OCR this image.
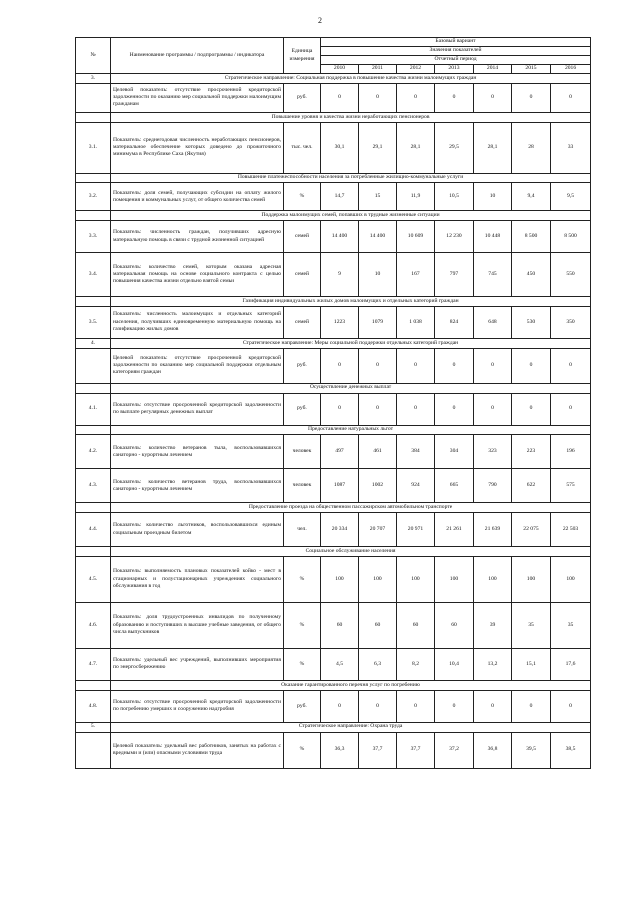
2
№	Наименование программы / подпрограммы / индикатора	Единица измерения	Базовый вариант						
			Значения показателей						
			Отчетный период						
			2010	2011	2012	2013	2014	2015	2016
3.	Стратегическое направление: Социальная поддержка в повышение качества жизни малоимущих граждан								
	Целевой показатель: отсутствие просроченной кредиторской задолженности по оказанию мер социальной поддержки малоимущим гражданам	руб.	0	0	0	0	0	0	0
	Повышение уровня и качества жизни неработающих пенсионеров								
3.1.	Показатель: среднегодовая численность неработающих пенсионеров, материальное обеспечение которых доведено до прожиточного минимума в Республике Саха (Якутия)	тыс. чел.	30,1	29,1	28,1	29,5	28,1	28	33
	Повышение платежеспособности населения за потребленные жилищно-коммунальные услуги								
3.2.	Показатель: доля семей, получающих субсидии на оплату жилого помещения и коммунальных услуг, от общего количества семей	%	14,7	15	11,9	10,5	10	9,4	9,5
	Поддержка малоимущих семей, попавших в трудные жизненные ситуации								
3.3.	Показатель: численность граждан, получивших адресную материальную помощь в связи с трудной жизненной ситуацией	семей	14 400	14 400	10 609	12 230	10 448	8 500	8 500
3.4.	Показатель: количество семей, которым оказана адресная материальная помощь на основе социального контракта с целью повышения качества жизни отдельно взятой семьи	семей	9	10	167	797	745	450	550
	Газификация индивидуальных жилых домов малоимущих и отдельных категорий граждан								
3.5.	Показатель: численность малоимущих и отдельных категорий населения, получивших единовременную материальную помощь на газификацию жилых домов	семей	1223	1079	1 038	824	648	530	350
4.	Стратегическое направление: Меры социальной поддержки отдельных категорий граждан								
	Целевой показатель: отсутствие просроченной кредиторской задолженности по оказанию мер социальной поддержки отдельным категориям граждан	руб.	0	0	0	0	0	0	0
	Осуществление денежных выплат								
4.1.	Показатель: отсутствие просроченной кредиторской задолженности по выплате регулярных денежных выплат	руб.	0	0	0	0	0	0	0
	Предоставление натуральных льгот								
4.2.	Показатель: количество ветеранов тыла, воспользовавшихся санаторно - курортным лечением	человек	497	461	384	304	323	223	196
4.3.	Показатель: количество ветеранов труда, воспользовавшихся санаторно - курортным лечением	человек	1087	1002	924	665	790	622	575
	Предоставление проезда на общественном пассажирском автомобильном транспорте								
4.4.	Показатель: количество льготников, воспользовавшихся единым социальным проездным билетом	чел.	20 334	20 707	20 971	21 261	21 639	22 075	22 503
	Социальное обслуживание населения								
4.5.	Показатель: выполняемость плановых показателей койко - мест в стационарных и полустационарных учреждениях социального обслуживания в год	%	100	100	100	100	100	100	100
4.6.	Показатель: доля трудоустроенных инвалидов по полученному образованию и поступивших в высшие учебные заведения, от общего числа выпускников	%	60	60	60	60	39	35	35
4.7.	Показатель: удельный вес учреждений, выполнивших мероприятия по энергосбережению	%	4,5	6,3	8,2	10,4	13,2	15,1	17,6
	Оказание гарантированного перечня услуг по погребению								
4.8.	Показатель: отсутствие просроченной кредиторской задолженности по погребению умерших и сооружению надгробия	руб.	0	0	0	0	0	0	0
5.	Стратегическое направление: Охрана труда								
	Целевой показатель: удельный вес работников, занятых на работах с вредными и (или) опасными условиями труда	%	36,3	37,7	37,7	37,2	36,8	39,5	38,5
